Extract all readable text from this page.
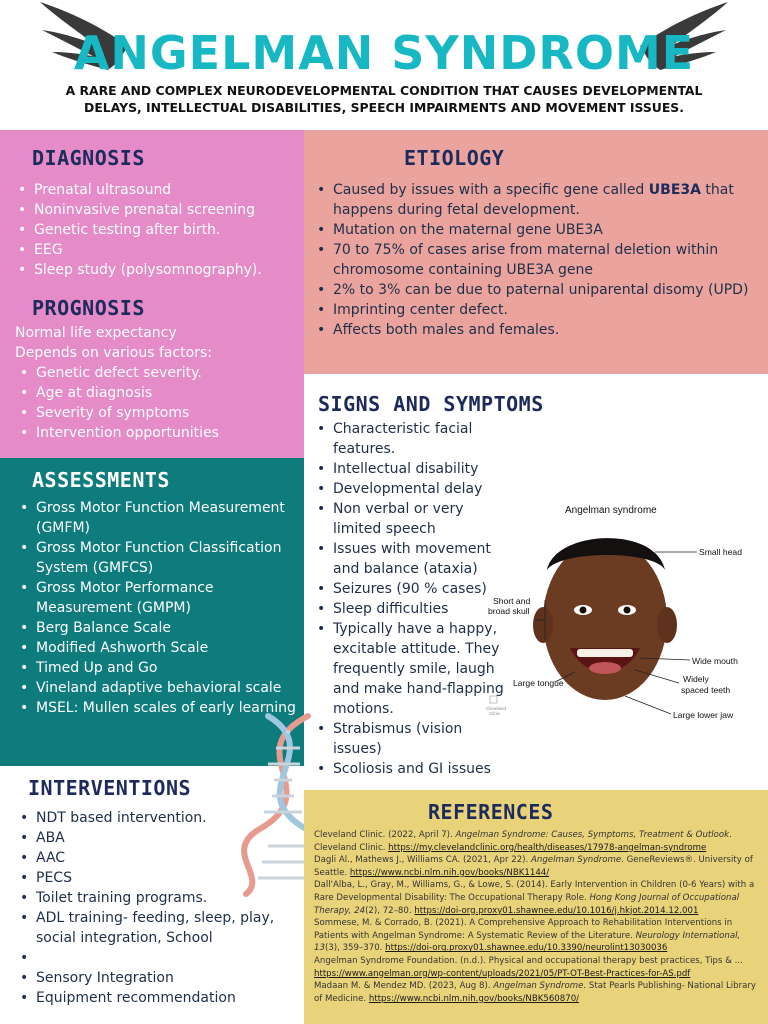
ANGELMAN SYNDROME
A RARE AND COMPLEX NEURODEVELOPMENTAL CONDITION THAT CAUSES DEVELOPMENTAL
DELAYS, INTELLECTUAL DISABILITIES, SPEECH IMPAIRMENTS AND MOVEMENT ISSUES.
DIAGNOSIS
• Prenatal ultrasound
• Noninvasive prenatal screening
• Genetic testing after birth.
• EEG
• Sleep study (polysomnography).
PROGNOSIS
Normal life expectancy
Depends on various factors:
• Genetic defect severity.
• Age at diagnosis
• Severity of symptoms
• Intervention opportunities
ETIOLOGY
• Caused by issues with a specific gene called UBE3A that happens during fetal development.
• Mutation on the maternal gene UBE3A
• 70 to 75% of cases arise from maternal deletion within chromosome containing UBE3A gene
• 2% to 3% can be due to paternal uniparental disomy (UPD)
• Imprinting center defect.
• Affects both males and females.
SIGNS AND SYMPTOMS
• Characteristic facial features.
• Intellectual disability
• Developmental delay
• Non verbal or very limited speech
• Issues with movement and balance (ataxia)
• Seizures (90 % cases)
• Sleep difficulties
• Typically have a happy, excitable attitude. They frequently smile, laugh and make hand-flapping motions.
• Strabismus (vision issues)
• Scoliosis and GI issues
Angelman syndrome
Small head
Short and
broad skull
Wide mouth
Widely
spaced teeth
Large tongue
Large lower jaw
Cleveland
Clinic
ASSESSMENTS
• Gross Motor Function Measurement (GMFM)
• Gross Motor Function Classification System (GMFCS)
• Gross Motor Performance Measurement (GMPM)
• Berg Balance Scale
• Modified Ashworth Scale
• Timed Up and Go
• Vineland adaptive behavioral scale
• MSEL: Mullen scales of early learning
INTERVENTIONS
• NDT based intervention.
• ABA
• AAC
• PECS
• Toilet training programs.
• ADL training- feeding, sleep, play, social integration, School
•
• Sensory Integration
• Equipment recommendation
REFERENCES

Cleveland Clinic. (2022, April 7). Angelman Syndrome: Causes, Symptoms, Treatment & Outlook. Cleveland Clinic. https://my.clevelandclinic.org/health/diseases/17978-angelman-syndrome

Dagli Al., Mathews J., Williams CA. (2021, Apr 22). Angelman Syndrome. GeneReviews®. University of Seattle. https://www.ncbi.nlm.nih.gov/books/NBK1144/

Dall'Alba, L., Gray, M., Williams, G., & Lowe, S. (2014). Early Intervention in Children (0-6 Years) with a Rare Developmental Disability: The Occupational Therapy Role. Hong Kong Journal of Occupational Therapy, 24(2), 72–80. https://doi-org.proxy01.shawnee.edu/10.1016/j.hkjot.2014.12.001

Sommese, M. & Corrado, B. (2021). A Comprehensive Approach to Rehabilitation Interventions in Patients with Angelman Syndrome: A Systematic Review of the Literature. Neurology International, 13(3), 359–370. https://doi-org.proxy01.shawnee.edu/10.3390/neurolint13030036

Angelman Syndrome Foundation. (n.d.). Physical and occupational therapy best practices, Tips & ... https://www.angelman.org/wp-content/uploads/2021/05/PT-OT-Best-Practices-for-AS.pdf

Madaan M. & Mendez MD. (2023, Aug 8). Angelman Syndrome. Stat Pearls Publishing- National Library of Medicine. https://www.ncbi.nlm.nih.gov/books/NBK560870/
